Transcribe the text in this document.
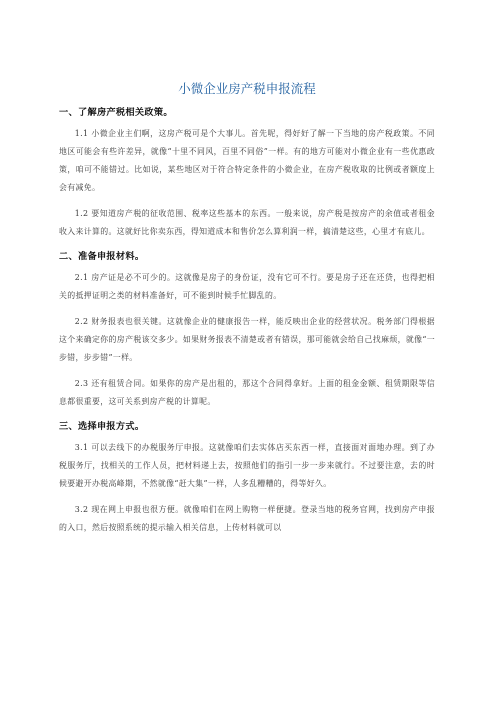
小微企业房产税申报流程
一、了解房产税相关政策。

1.1 小微企业主们啊，这房产税可是个大事儿。首先呢，得好好了解一下当地的房产税政策。不同地区可能会有些许差异，就像“十里不同风，百里不同俗”一样。有的地方可能对小微企业有一些优惠政策，咱可不能错过。比如说，某些地区对于符合特定条件的小微企业，在房产税收取的比例或者额度上会有减免。

1.2 要知道房产税的征收范围、税率这些基本的东西。一般来说，房产税是按房产的余值或者租金收入来计算的。这就好比你卖东西，得知道成本和售价怎么算利润一样，搞清楚这些，心里才有底儿。

二、准备申报材料。

2.1 房产证是必不可少的。这就像是房子的身份证，没有它可不行。要是房子还在还贷，也得把相关的抵押证明之类的材料准备好，可不能到时候手忙脚乱的。

2.2 财务报表也很关键。这就像企业的健康报告一样，能反映出企业的经营状况。税务部门得根据这个来确定你的房产税该交多少。如果财务报表不清楚或者有错误，那可能就会给自己找麻烦，就像“一步错，步步错”一样。

2.3 还有租赁合同。如果你的房产是出租的，那这个合同得拿好。上面的租金金额、租赁期限等信息都很重要，这可关系到房产税的计算呢。

三、选择申报方式。

3.1 可以去线下的办税服务厅申报。这就像咱们去实体店买东西一样，直接面对面地办理。到了办税服务厅，找相关的工作人员，把材料递上去，按照他们的指引一步一步来就行。不过要注意，去的时候要避开办税高峰期，不然就像“赶大集”一样，人多乱糟糟的，得等好久。

3.2 现在网上申报也很方便。就像咱们在网上购物一样便捷。登录当地的税务官网，找到房产申报的入口，然后按照系统的提示输入相关信息，上传材料就可以
